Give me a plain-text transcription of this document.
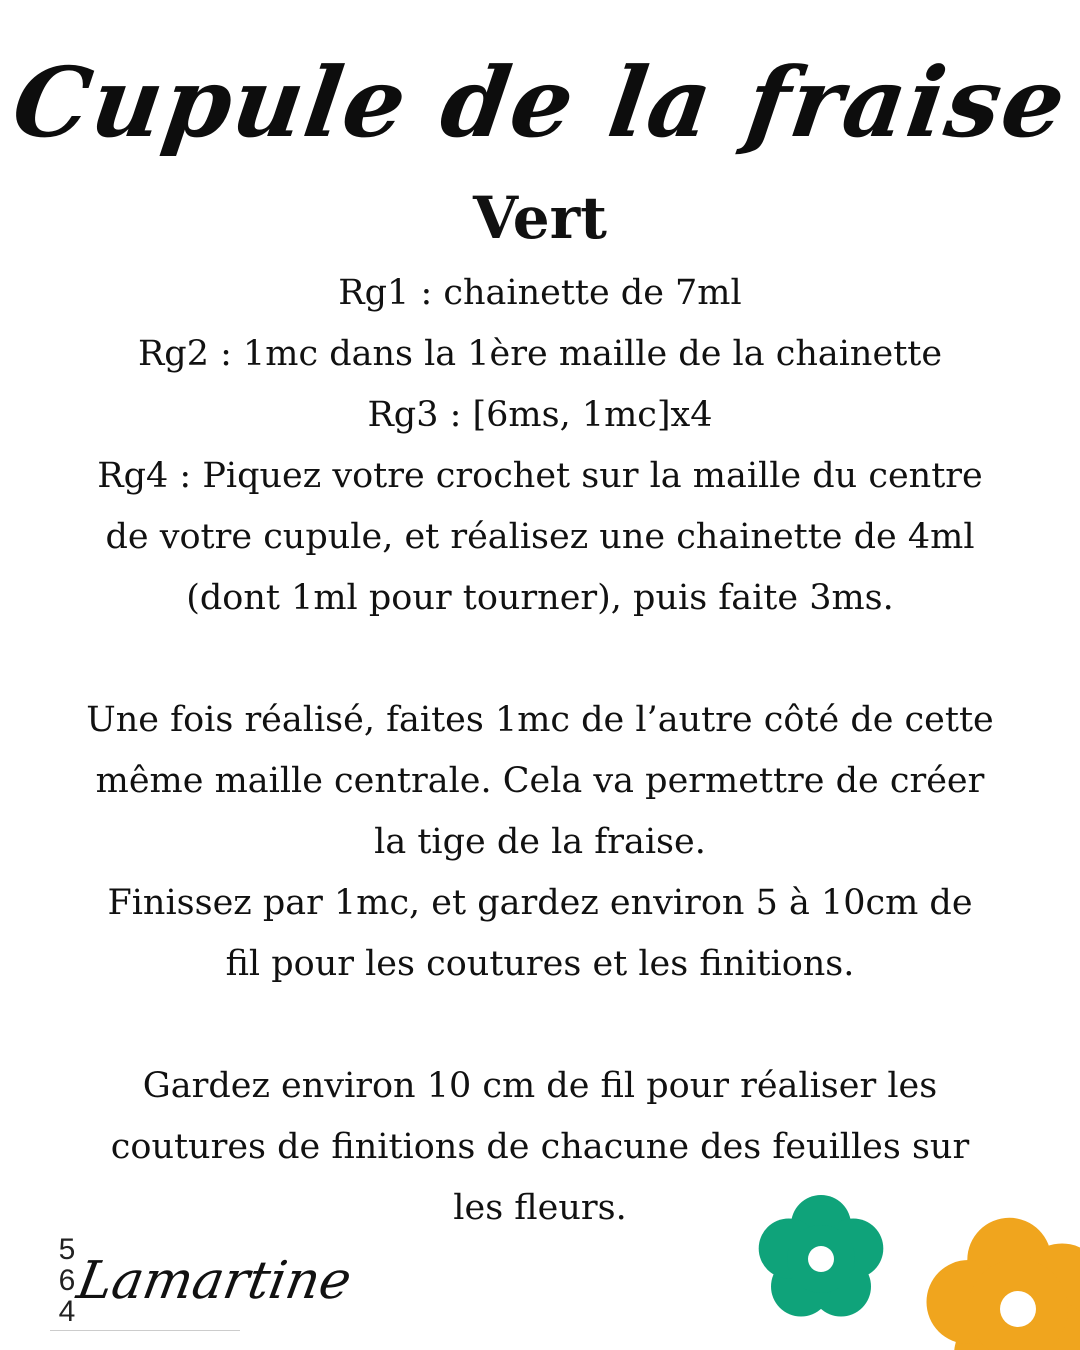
Cupule de la fraise
Vert
Rg1 : chainette de 7ml
Rg2 : 1mc dans la 1ère maille de la chainette
Rg3 : [6ms, 1mc]x4
Rg4 : Piquez votre crochet sur la maille du centre
de votre cupule, et réalisez une chainette de 4ml
(dont 1ml pour tourner), puis faite 3ms.
Une fois réalisé, faites 1mc de l’autre côté de cette
même maille centrale. Cela va permettre de créer
la tige de la fraise.
Finissez par 1mc, et gardez environ 5 à 10cm de
fil pour les coutures et les finitions.
Gardez environ 10 cm de fil pour réaliser les
coutures de finitions de chacune des feuilles sur
les fleurs.
5
6
4
Lamartine
